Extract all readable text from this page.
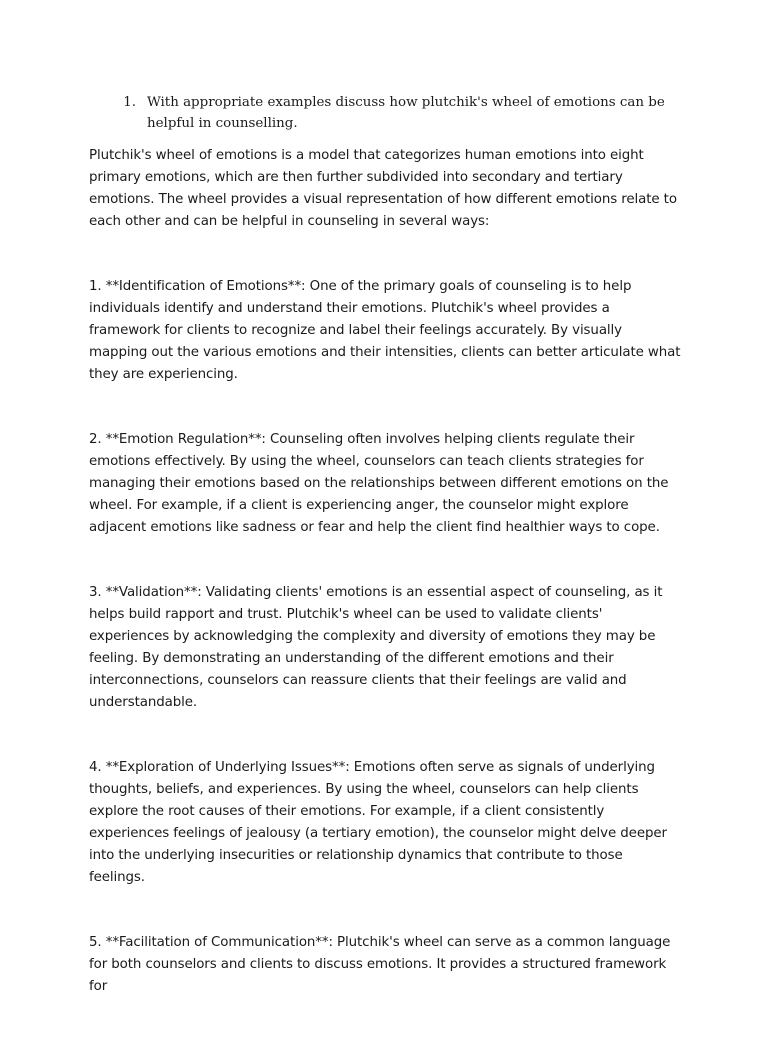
1. With appropriate examples discuss how plutchik's wheel of emotions can be helpful in counselling.

Plutchik's wheel of emotions is a model that categorizes human emotions into eight primary emotions, which are then further subdivided into secondary and tertiary emotions. The wheel provides a visual representation of how different emotions relate to each other and can be helpful in counseling in several ways:

1. **Identification of Emotions**: One of the primary goals of counseling is to help individuals identify and understand their emotions. Plutchik's wheel provides a framework for clients to recognize and label their feelings accurately. By visually mapping out the various emotions and their intensities, clients can better articulate what they are experiencing.

2. **Emotion Regulation**: Counseling often involves helping clients regulate their emotions effectively. By using the wheel, counselors can teach clients strategies for managing their emotions based on the relationships between different emotions on the wheel. For example, if a client is experiencing anger, the counselor might explore adjacent emotions like sadness or fear and help the client find healthier ways to cope.

3. **Validation**: Validating clients' emotions is an essential aspect of counseling, as it helps build rapport and trust. Plutchik's wheel can be used to validate clients' experiences by acknowledging the complexity and diversity of emotions they may be feeling. By demonstrating an understanding of the different emotions and their interconnections, counselors can reassure clients that their feelings are valid and understandable.

4. **Exploration of Underlying Issues**: Emotions often serve as signals of underlying thoughts, beliefs, and experiences. By using the wheel, counselors can help clients explore the root causes of their emotions. For example, if a client consistently experiences feelings of jealousy (a tertiary emotion), the counselor might delve deeper into the underlying insecurities or relationship dynamics that contribute to those feelings.

5. **Facilitation of Communication**: Plutchik's wheel can serve as a common language for both counselors and clients to discuss emotions. It provides a structured framework for
